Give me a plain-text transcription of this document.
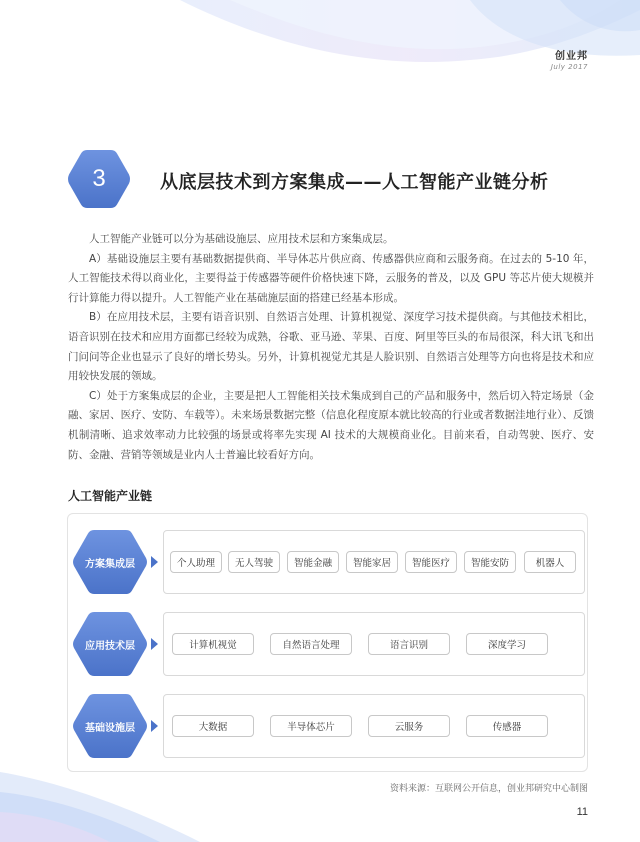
创业邦
July 2017
3	从底层技术到方案集成——人工智能产业链分析

人工智能产业链可以分为基础设施层、应用技术层和方案集成层。

A）基础设施层主要有基础数据提供商、半导体芯片供应商、传感器供应商和云服务商。在过去的 5-10 年，人工智能技术得以商业化，主要得益于传感器等硬件价格快速下降，云服务的普及，以及 GPU 等芯片使大规模并行计算能力得以提升。人工智能产业在基础施层面的搭建已经基本形成。

B）在应用技术层，主要有语音识别、自然语言处理、计算机视觉、深度学习技术提供商。与其他技术相比，语音识别在技术和应用方面都已经较为成熟，谷歌、亚马逊、苹果、百度、阿里等巨头的布局很深，科大讯飞和出门问问等企业也显示了良好的增长势头。另外，计算机视觉尤其是人脸识别、自然语言处理等方向也将是技术和应用较快发展的领域。

C）处于方案集成层的企业，主要是把人工智能相关技术集成到自己的产品和服务中，然后切入特定场景（金融、家居、医疗、安防、车载等）。未来场景数据完整（信息化程度原本就比较高的行业或者数据洼地行业）、反馈机制清晰、追求效率动力比较强的场景或将率先实现 AI 技术的大规模商业化。目前来看，自动驾驶、医疗、安防、金融、营销等领域是业内人士普遍比较看好方向。

人工智能产业链
方案集成层	个人助理	无人驾驶	智能金融	智能家居	智能医疗	智能安防	机器人
应用技术层	计算机视觉	自然语言处理	语言识别	深度学习
基础设施层	大数据	半导体芯片	云服务	传感器
资料来源：互联网公开信息，创业邦研究中心制图
11
